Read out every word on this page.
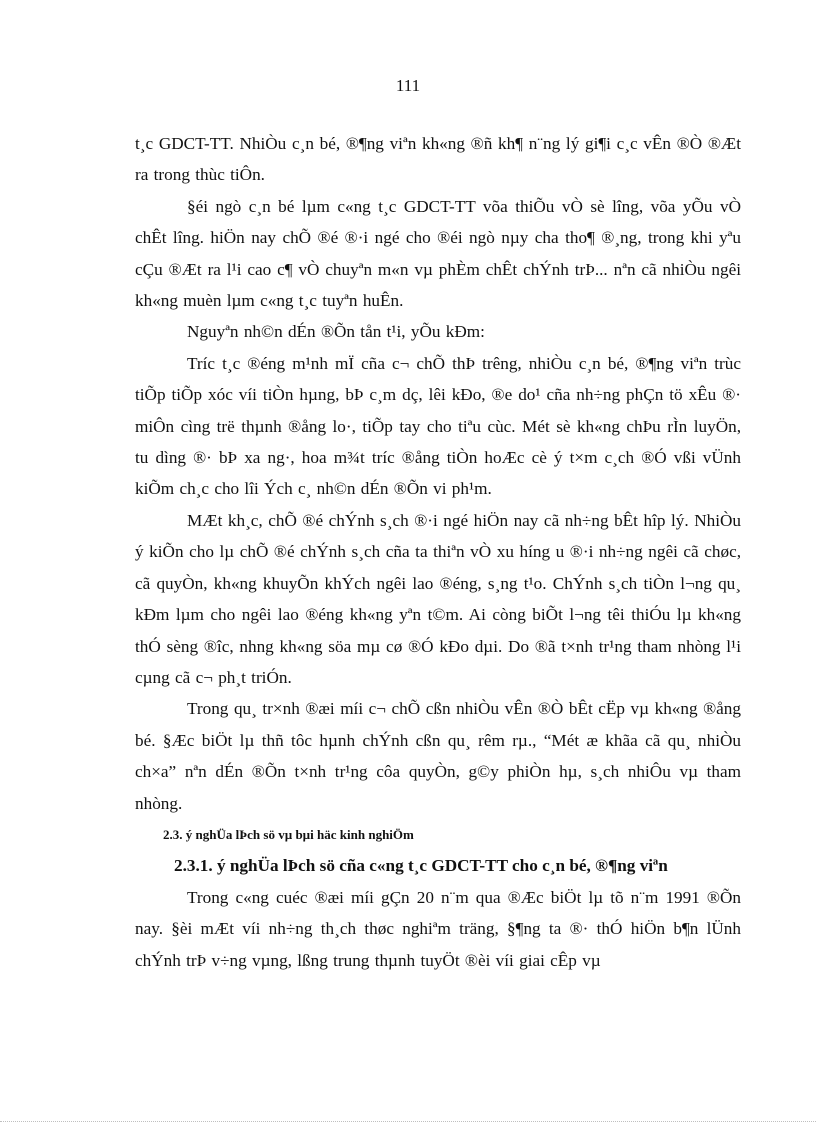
111

t¸c GDCT-TT. NhiÒu c¸n bé, ®¶ng viªn kh«ng ®ñ kh¶ n¨ng lý gi¶i c¸c vÊn ®Ò ®Æt ra trong thùc tiÔn.

§éi ngò c¸n bé lµm c«ng t¸c GDCT-TT võa thiÕu vÒ sè lîng, võa yÕu vÒ chÊt lîng. hiÖn nay chÕ ®é ®·i ngé cho ®éi ngò nµy cha tho¶ ®¸ng, trong khi yªu cÇu ®Æt ra l¹i cao c¶ vÒ chuyªn m«n vµ phÈm chÊt chÝnh trÞ... nªn cã nhiÒu ngêi kh«ng muèn lµm c«ng t¸c tuyªn huÊn.

Nguyªn nh©n dÉn ®Õn tån t¹i, yÕu kÐm:

Tríc t¸c ®éng m¹nh mÏ cña c¬ chÕ thÞ trêng, nhiÒu c¸n bé, ®¶ng viªn trùc tiÕp tiÕp xóc víi tiÒn hµng, bÞ c¸m dç, lêi kÐo, ®e do¹ cña nh÷ng phÇn tö xÊu ®· miÔn cìng trë thµnh ®ång lo·, tiÕp tay cho tiªu cùc. Mét sè kh«ng chÞu rÌn luyÖn, tu dìng ®· bÞ xa ng·, hoa m¾t tríc ®ång tiÒn hoÆc cè ý t×m c¸ch ®Ó vßi vÜnh kiÕm ch¸c cho lîi Ých c¸ nh©n dÉn ®Õn vi ph¹m.

MÆt kh¸c, chÕ ®é chÝnh s¸ch ®·i ngé hiÖn nay cã nh÷ng bÊt hîp lý. NhiÒu ý kiÕn cho lµ chÕ ®é chÝnh s¸ch cña ta thiªn vÒ xu híng u ®·i nh÷ng ngêi cã chøc, cã quyÒn, kh«ng khuyÕn khÝch ngêi lao ®éng, s¸ng t¹o. ChÝnh s¸ch tiÒn l¬ng qu¸ kÐm lµm cho ngêi lao ®éng kh«ng yªn t©m. Ai còng biÕt l¬ng têi thiÓu lµ kh«ng thÓ sèng ®îc, nhng kh«ng söa mµ cø ®Ó kÐo dµi. Do ®ã t×nh tr¹ng tham nhòng l¹i cµng cã c¬ ph¸t triÓn.

Trong qu¸ tr×nh ®æi míi c¬ chÕ cßn nhiÒu vÊn ®Ò bÊt cËp vµ kh«ng ®ång bé. §Æc biÖt lµ thñ tôc hµnh chÝnh cßn qu¸ rêm rµ., “Mét æ khãa cã qu¸ nhiÒu ch×a” nªn dÉn ®Õn t×nh tr¹ng côa quyÒn, g©y phiÒn hµ, s¸ch nhiÔu vµ tham nhòng.

2.3. ý nghÜa lÞch sö vµ bµi häc kinh nghiÖm
2.3.1. ý nghÜa lÞch sö cña c«ng t¸c GDCT-TT cho c¸n bé, ®¶ng viªn

Trong c«ng cuéc ®æi míi gÇn 20 n¨m qua ®Æc biÖt lµ tõ n¨m 1991 ®Õn nay. §èi mÆt víi nh÷ng th¸ch thøc nghiªm träng, §¶ng ta ®· thÓ hiÖn b¶n lÜnh chÝnh trÞ v÷ng vµng, lßng trung thµnh tuyÖt ®èi víi giai cÊp vµ
